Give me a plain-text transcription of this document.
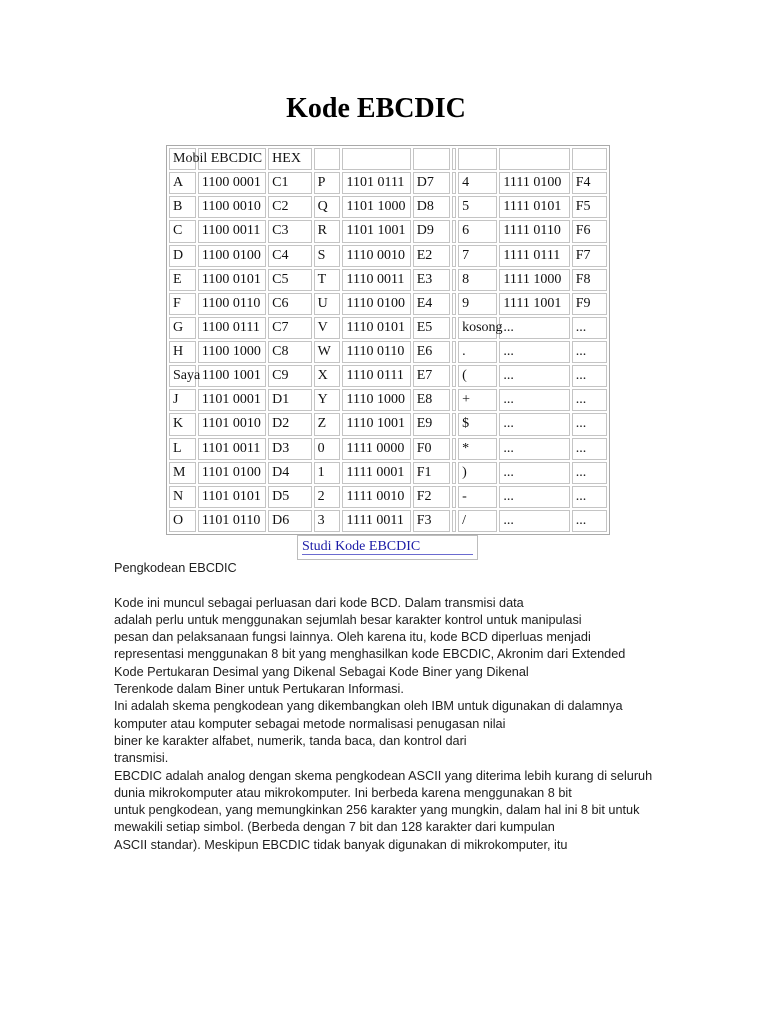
Kode EBCDIC
Mobil EBCDIC		HEX							
A	1100 0001	C1	P	1101 0111	D7		4	1111 0100	F4
B	1100 0010	C2	Q	1101 1000	D8		5	1111 0101	F5
C	1100 0011	C3	R	1101 1001	D9		6	1111 0110	F6
D	1100 0100	C4	S	1110 0010	E2		7	1111 0111	F7
E	1100 0101	C5	T	1110 0011	E3		8	1111 1000	F8
F	1100 0110	C6	U	1110 0100	E4		9	1111 1001	F9
G	1100 0111	C7	V	1110 0101	E5		kosong	...	...
H	1100 1000	C8	W	1110 0110	E6		.	...	...
Saya	1100 1001	C9	X	1110 0111	E7		(	...	...
J	1101 0001	D1	Y	1110 1000	E8		+	...	...
K	1101 0010	D2	Z	1110 1001	E9		$	...	...
L	1101 0011	D3	0	1111 0000	F0		*	...	...
M	1101 0100	D4	1	1111 0001	F1		)	...	...
N	1101 0101	D5	2	1111 0010	F2		-	...	...
O	1101 0110	D6	3	1111 0011	F3		/	...	...
Studi Kode EBCDIC
Pengkodean EBCDIC
Kode ini muncul sebagai perluasan dari kode BCD. Dalam transmisi data
adalah perlu untuk menggunakan sejumlah besar karakter kontrol untuk manipulasi
pesan dan pelaksanaan fungsi lainnya. Oleh karena itu, kode BCD diperluas menjadi
representasi menggunakan 8 bit yang menghasilkan kode EBCDIC, Akronim dari Extended
Kode Pertukaran Desimal yang Dikenal Sebagai Kode Biner yang Dikenal
Terenkode dalam Biner untuk Pertukaran Informasi.
Ini adalah skema pengkodean yang dikembangkan oleh IBM untuk digunakan di dalamnya
komputer atau komputer sebagai metode normalisasi penugasan nilai
biner ke karakter alfabet, numerik, tanda baca, dan kontrol dari
transmisi.
EBCDIC adalah analog dengan skema pengkodean ASCII yang diterima lebih kurang di seluruh
dunia mikrokomputer atau mikrokomputer. Ini berbeda karena menggunakan 8 bit
untuk pengkodean, yang memungkinkan 256 karakter yang mungkin, dalam hal ini 8 bit untuk
mewakili setiap simbol. (Berbeda dengan 7 bit dan 128 karakter dari kumpulan
ASCII standar). Meskipun EBCDIC tidak banyak digunakan di mikrokomputer, itu
